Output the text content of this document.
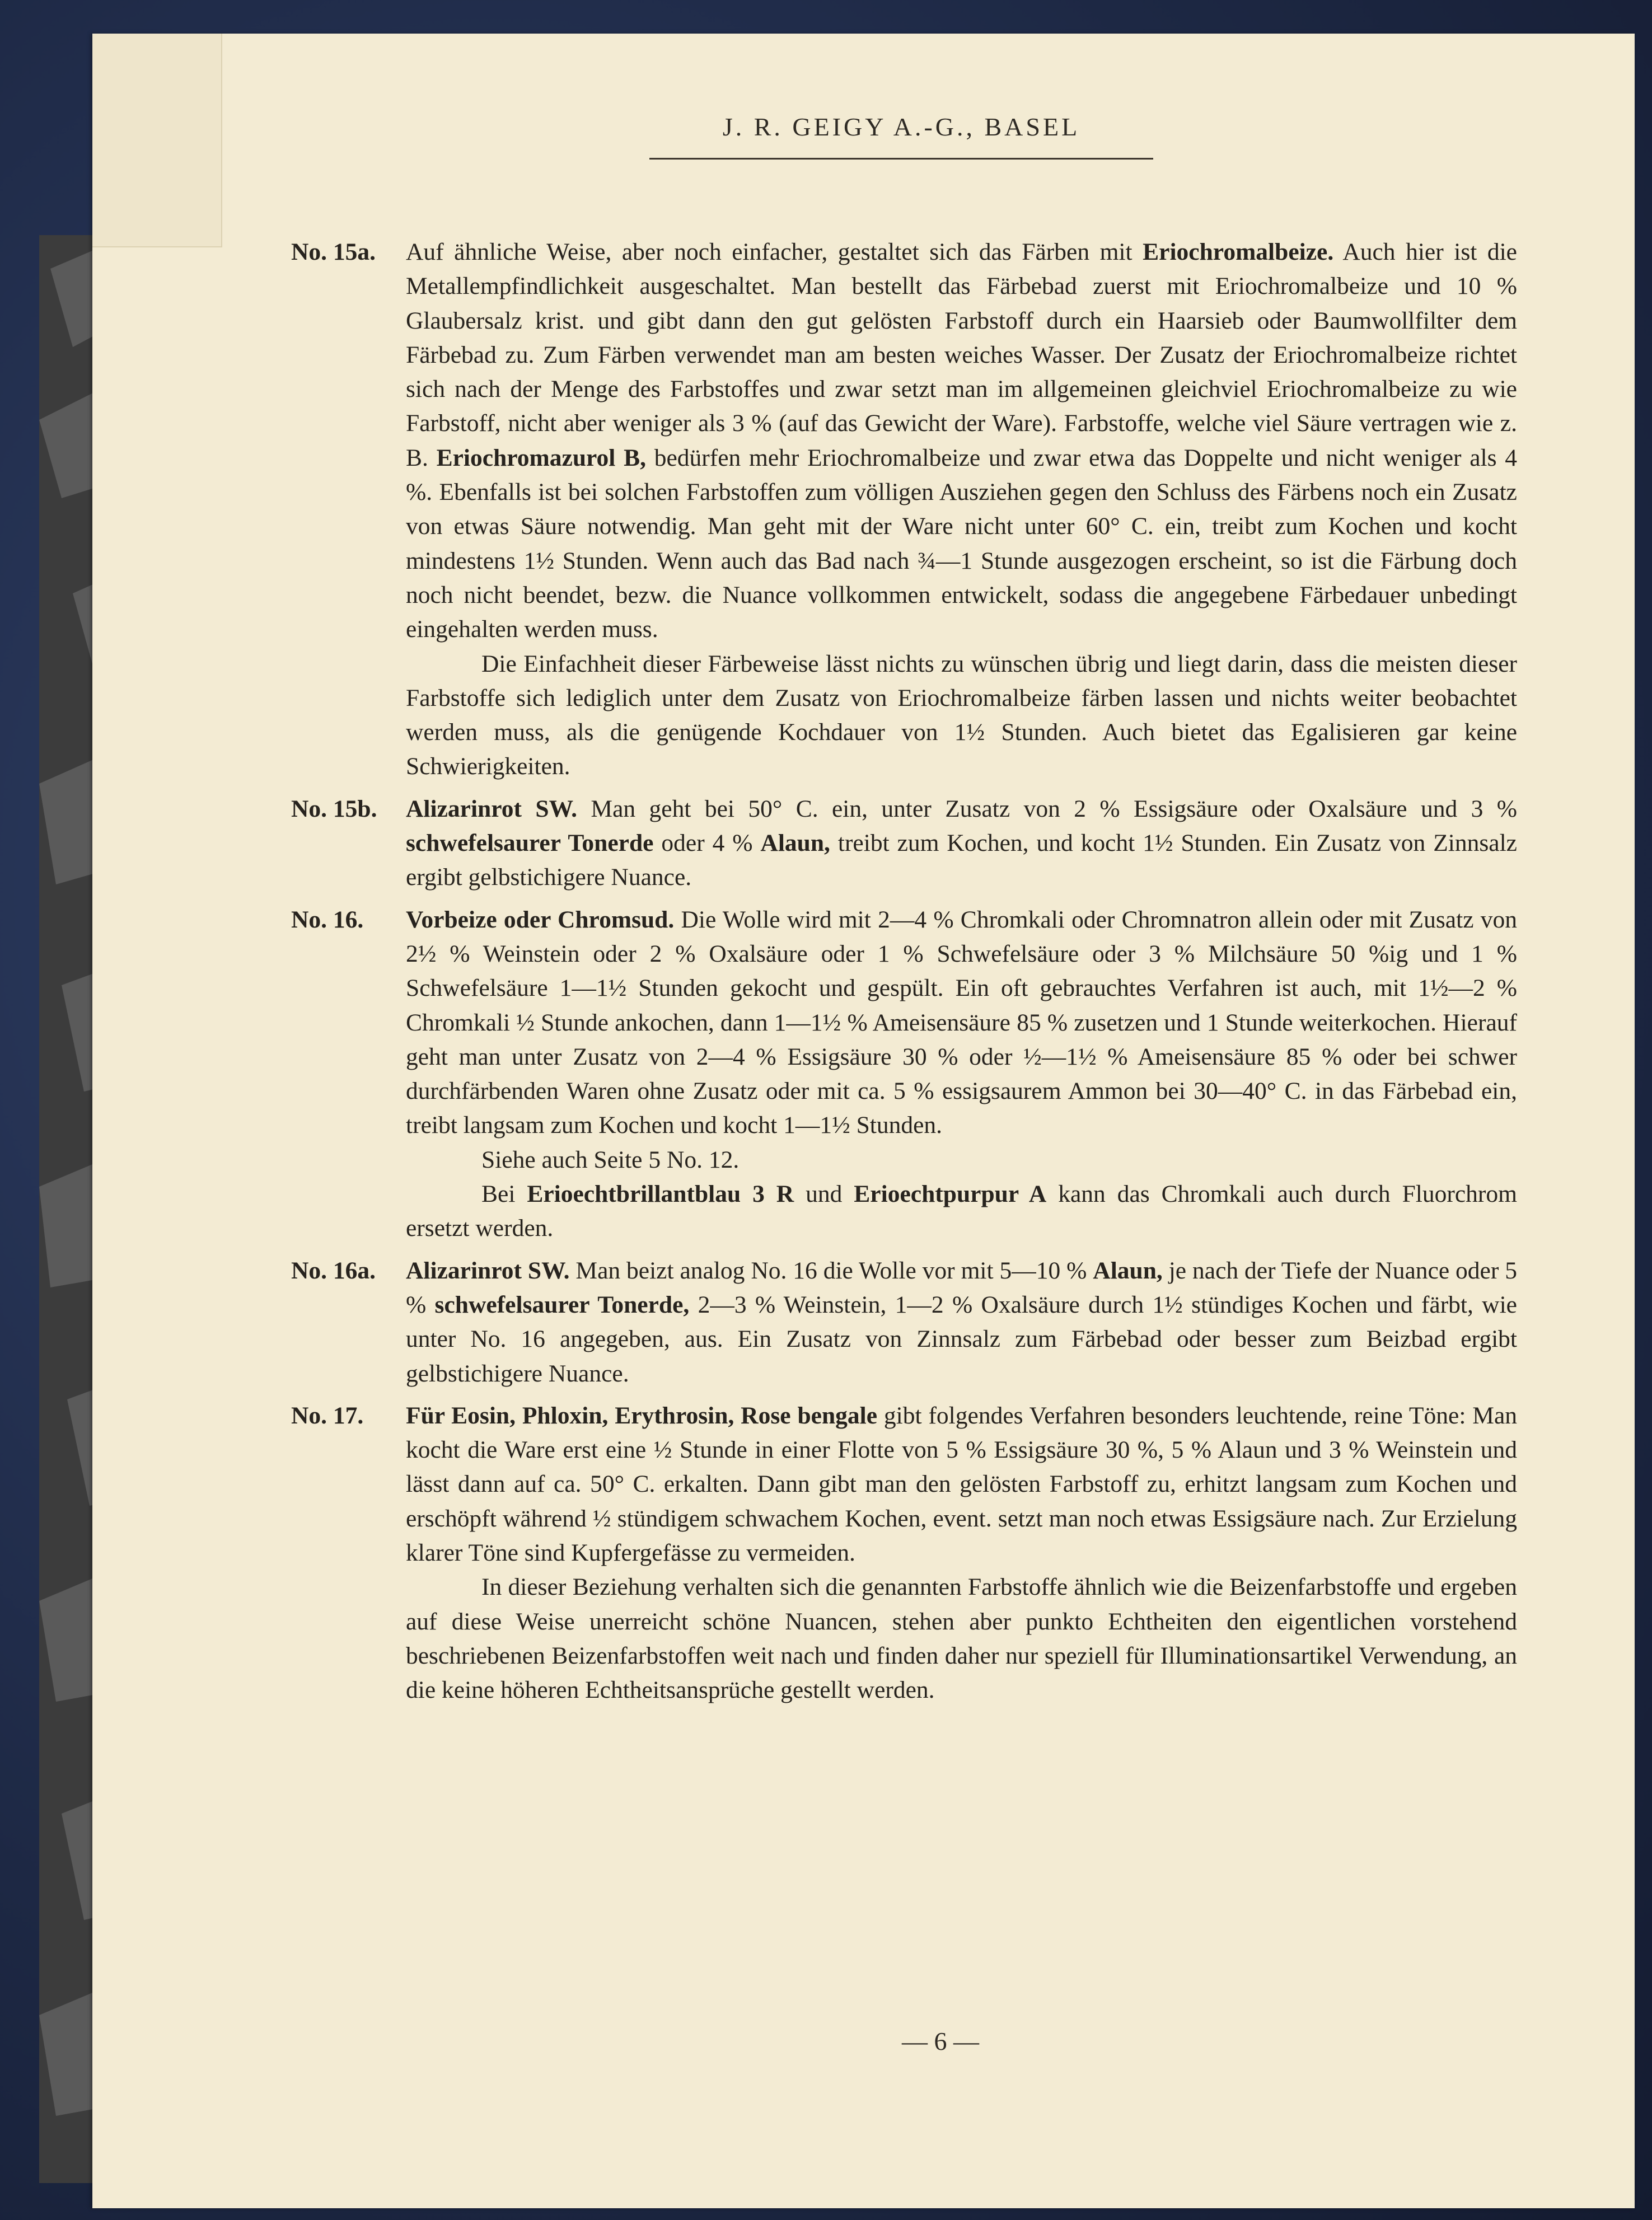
J. R. GEIGY A.-G., BASEL
No. 15a. Auf ähnliche Weise, aber noch einfacher, gestaltet sich das Färben mit Eriochromalbeize. Auch hier ist die Metallempfindlichkeit ausgeschaltet. Man bestellt das Färbebad zuerst mit Eriochromalbeize und 10 % Glaubersalz krist. und gibt dann den gut gelösten Farbstoff durch ein Haarsieb oder Baumwollfilter dem Färbebad zu. Zum Färben verwendet man am besten weiches Wasser. Der Zusatz der Eriochromalbeize richtet sich nach der Menge des Farbstoffes und zwar setzt man im allgemeinen gleichviel Eriochromalbeize zu wie Farbstoff, nicht aber weniger als 3 % (auf das Gewicht der Ware). Farbstoffe, welche viel Säure vertragen wie z. B. Eriochromazurol B, bedürfen mehr Eriochromalbeize und zwar etwa das Doppelte und nicht weniger als 4 %. Ebenfalls ist bei solchen Farbstoffen zum völligen Ausziehen gegen den Schluss des Färbens noch ein Zusatz von etwas Säure notwendig. Man geht mit der Ware nicht unter 60° C. ein, treibt zum Kochen und kocht mindestens 1½ Stunden. Wenn auch das Bad nach ¾—1 Stunde ausgezogen erscheint, so ist die Färbung doch noch nicht beendet, bezw. die Nuance vollkommen entwickelt, sodass die angegebene Färbedauer unbedingt eingehalten werden muss.

Die Einfachheit dieser Färbeweise lässt nichts zu wünschen übrig und liegt darin, dass die meisten dieser Farbstoffe sich lediglich unter dem Zusatz von Eriochromalbeize färben lassen und nichts weiter beobachtet werden muss, als die genügende Kochdauer von 1½ Stunden. Auch bietet das Egalisieren gar keine Schwierigkeiten.

No. 15b. Alizarinrot SW. Man geht bei 50° C. ein, unter Zusatz von 2 % Essigsäure oder Oxalsäure und 3 % schwefelsaurer Tonerde oder 4 % Alaun, treibt zum Kochen, und kocht 1½ Stunden. Ein Zusatz von Zinnsalz ergibt gelbstichigere Nuance.

No. 16. Vorbeize oder Chromsud. Die Wolle wird mit 2—4 % Chromkali oder Chromnatron allein oder mit Zusatz von 2½ % Weinstein oder 2 % Oxalsäure oder 1 % Schwefelsäure oder 3 % Milchsäure 50 %ig und 1 % Schwefelsäure 1—1½ Stunden gekocht und gespült. Ein oft gebrauchtes Verfahren ist auch, mit 1½—2 % Chromkali ½ Stunde ankochen, dann 1—1½ % Ameisensäure 85 % zusetzen und 1 Stunde weiterkochen. Hierauf geht man unter Zusatz von 2—4 % Essigsäure 30 % oder ½—1½ % Ameisensäure 85 % oder bei schwer durchfärbenden Waren ohne Zusatz oder mit ca. 5 % essigsaurem Ammon bei 30—40° C. in das Färbebad ein, treibt langsam zum Kochen und kocht 1—1½ Stunden.

Siehe auch Seite 5 No. 12.

Bei Erioechtbrillantblau 3 R und Erioechtpurpur A kann das Chromkali auch durch Fluorchrom ersetzt werden.

No. 16a. Alizarinrot SW. Man beizt analog No. 16 die Wolle vor mit 5—10 % Alaun, je nach der Tiefe der Nuance oder 5 % schwefelsaurer Tonerde, 2—3 % Weinstein, 1—2 % Oxalsäure durch 1½ stündiges Kochen und färbt, wie unter No. 16 angegeben, aus. Ein Zusatz von Zinnsalz zum Färbebad oder besser zum Beizbad ergibt gelbstichigere Nuance.

No. 17. Für Eosin, Phloxin, Erythrosin, Rose bengale gibt folgendes Verfahren besonders leuchtende, reine Töne: Man kocht die Ware erst eine ½ Stunde in einer Flotte von 5 % Essigsäure 30 %, 5 % Alaun und 3 % Weinstein und lässt dann auf ca. 50° C. erkalten. Dann gibt man den gelösten Farbstoff zu, erhitzt langsam zum Kochen und erschöpft während ½ stündigem schwachem Kochen, event. setzt man noch etwas Essigsäure nach. Zur Erzielung klarer Töne sind Kupfergefässe zu vermeiden.

In dieser Beziehung verhalten sich die genannten Farbstoffe ähnlich wie die Beizenfarbstoffe und ergeben auf diese Weise unerreicht schöne Nuancen, stehen aber punkto Echtheiten den eigentlichen vorstehend beschriebenen Beizenfarbstoffen weit nach und finden daher nur speziell für Illuminationsartikel Verwendung, an die keine höheren Echtheitsansprüche gestellt werden.

— 6 —
